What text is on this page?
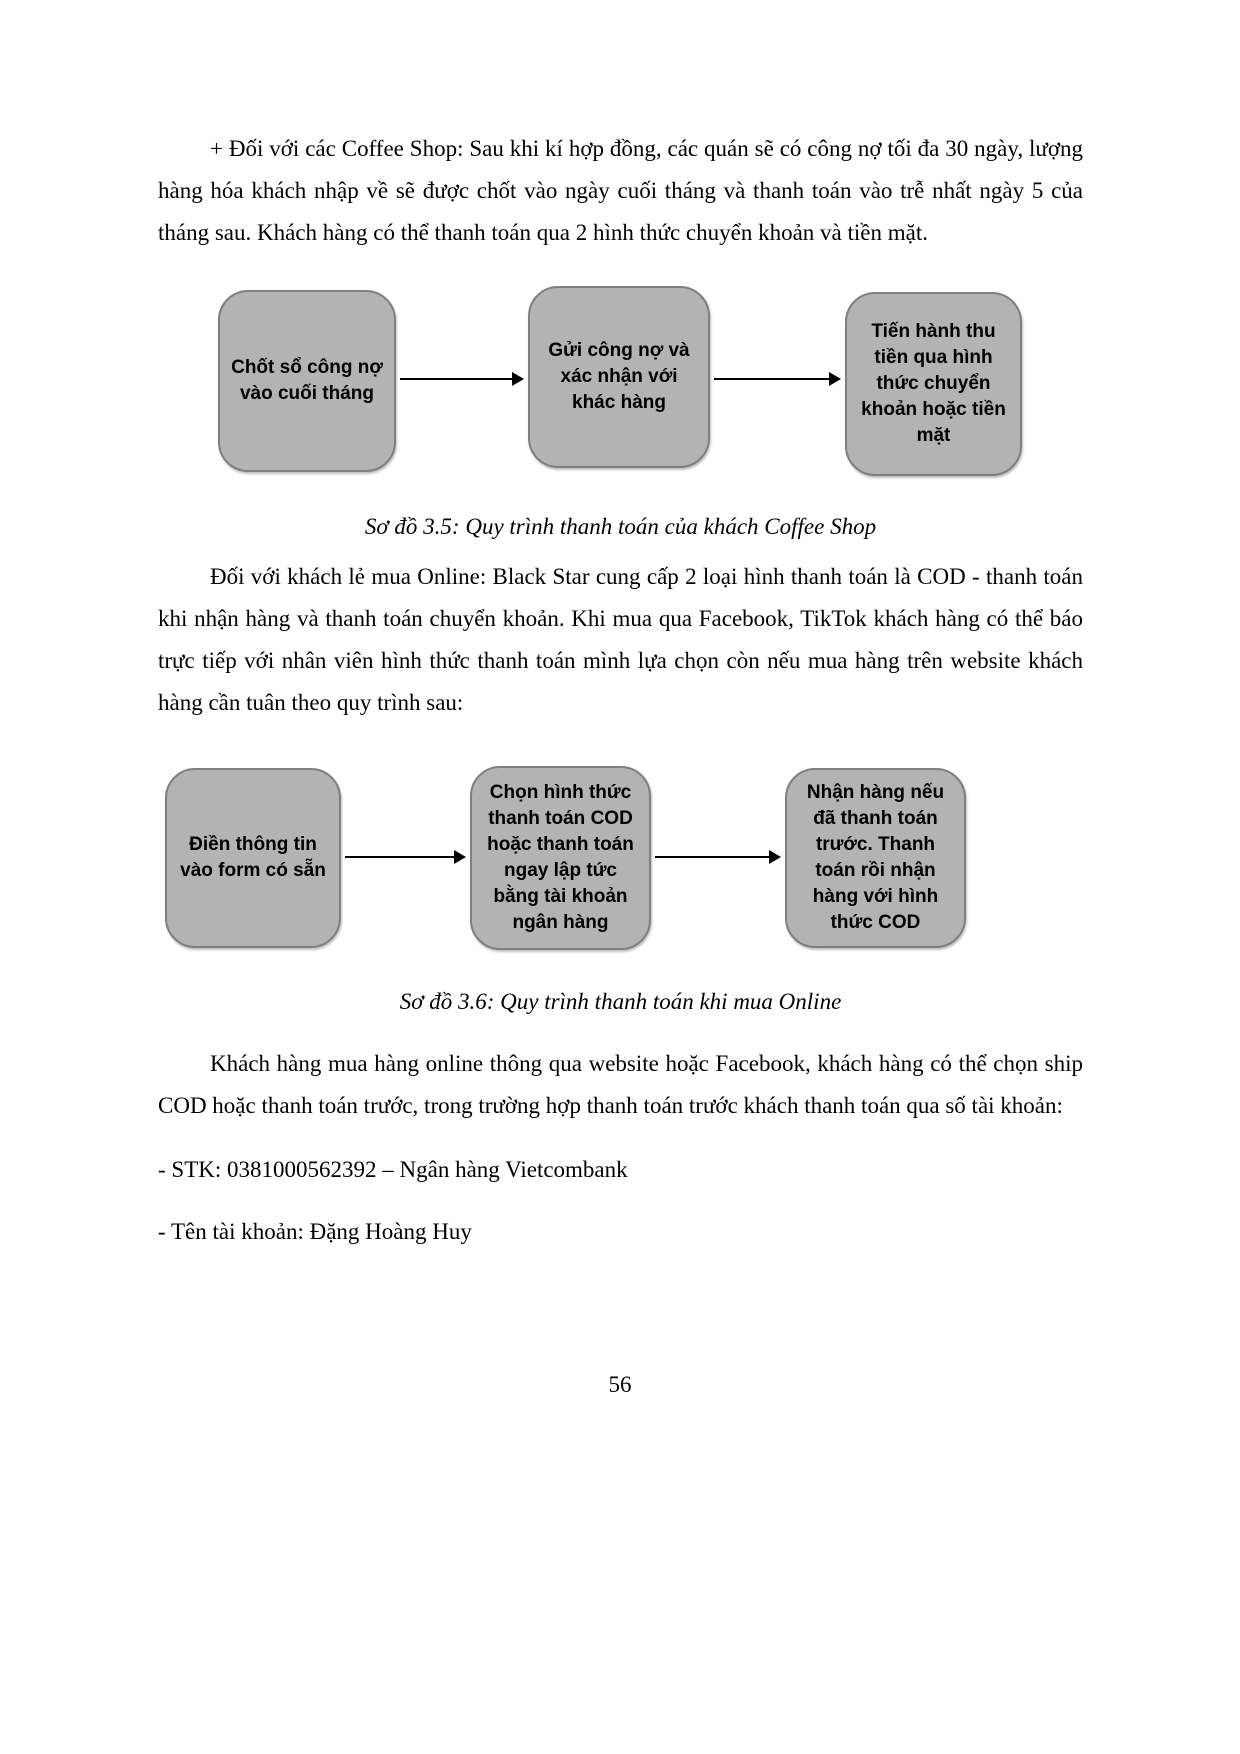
+ Đối với các Coffee Shop: Sau khi kí hợp đồng, các quán sẽ có công nợ tối đa 30 ngày, lượng hàng hóa khách nhập về sẽ được chốt vào ngày cuối tháng và thanh toán vào trễ nhất ngày 5 của tháng sau. Khách hàng có thể thanh toán qua 2 hình thức chuyển khoản và tiền mặt.

Chốt sổ công nợ vào cuối tháng
Gửi công nợ và xác nhận với khác hàng
Tiến hành thu tiền qua hình thức chuyển khoản hoặc tiền mặt

Sơ đồ 3.5: Quy trình thanh toán của khách Coffee Shop

Đối với khách lẻ mua Online: Black Star cung cấp 2 loại hình thanh toán là COD - thanh toán khi nhận hàng và thanh toán chuyển khoản. Khi mua qua Facebook, TikTok khách hàng có thể báo trực tiếp với nhân viên hình thức thanh toán mình lựa chọn còn nếu mua hàng trên website khách hàng cần tuân theo quy trình sau:

Điền thông tin vào form có sẵn
Chọn hình thức thanh toán COD hoặc thanh toán ngay lập tức bằng tài khoản ngân hàng
Nhận hàng nếu đã thanh toán trước. Thanh toán rồi nhận hàng với hình thức COD

Sơ đồ 3.6: Quy trình thanh toán khi mua Online

Khách hàng mua hàng online thông qua website hoặc Facebook, khách hàng có thể chọn ship COD hoặc thanh toán trước, trong trường hợp thanh toán trước khách thanh toán qua số tài khoản:

- STK: 0381000562392 – Ngân hàng Vietcombank

- Tên tài khoản: Đặng Hoàng Huy

56
